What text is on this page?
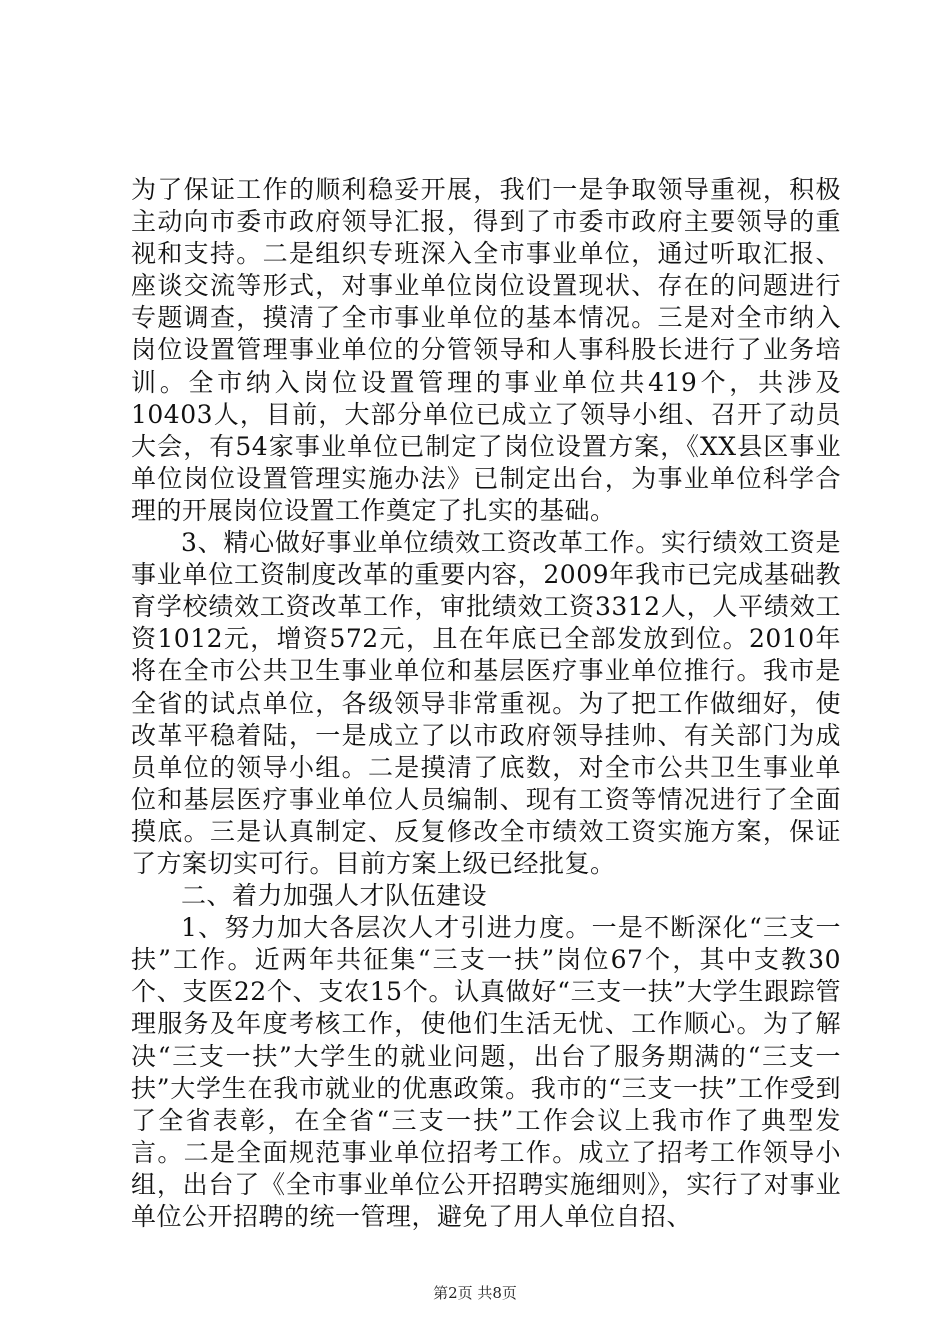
为了保证工作的顺利稳妥开展，我们一是争取领导重视，积极主动向市委市政府领导汇报，得到了市委市政府主要领导的重视和支持。二是组织专班深入全市事业单位，通过听取汇报、座谈交流等形式，对事业单位岗位设置现状、存在的问题进行专题调查，摸清了全市事业单位的基本情况。三是对全市纳入岗位设置管理事业单位的分管领导和人事科股长进行了业务培训。全市纳入岗位设置管理的事业单位共419个，共涉及10403人，目前，大部分单位已成立了领导小组、召开了动员大会，有54家事业单位已制定了岗位设置方案，《XX县区事业单位岗位设置管理实施办法》已制定出台，为事业单位科学合理的开展岗位设置工作奠定了扎实的基础。

3、精心做好事业单位绩效工资改革工作。实行绩效工资是事业单位工资制度改革的重要内容，2009年我市已完成基础教育学校绩效工资改革工作，审批绩效工资3312人，人平绩效工资1012元，增资572元，且在年底已全部发放到位。2010年将在全市公共卫生事业单位和基层医疗事业单位推行。我市是全省的试点单位，各级领导非常重视。为了把工作做细好，使改革平稳着陆，一是成立了以市政府领导挂帅、有关部门为成员单位的领导小组。二是摸清了底数，对全市公共卫生事业单位和基层医疗事业单位人员编制、现有工资等情况进行了全面摸底。三是认真制定、反复修改全市绩效工资实施方案，保证了方案切实可行。目前方案上级已经批复。

二、着力加强人才队伍建设

1、努力加大各层次人才引进力度。一是不断深化“三支一扶”工作。近两年共征集“三支一扶”岗位67个，其中支教30个、支医22个、支农15个。认真做好“三支一扶”大学生跟踪管理服务及年度考核工作，使他们生活无忧、工作顺心。为了解决“三支一扶”大学生的就业问题，出台了服务期满的“三支一扶”大学生在我市就业的优惠政策。我市的“三支一扶”工作受到了全省表彰，在全省“三支一扶”工作会议上我市作了典型发言。二是全面规范事业单位招考工作。成立了招考工作领导小组，出台了《全市事业单位公开招聘实施细则》，实行了对事业单位公开招聘的统一管理，避免了用人单位自招、

第2页 共8页
